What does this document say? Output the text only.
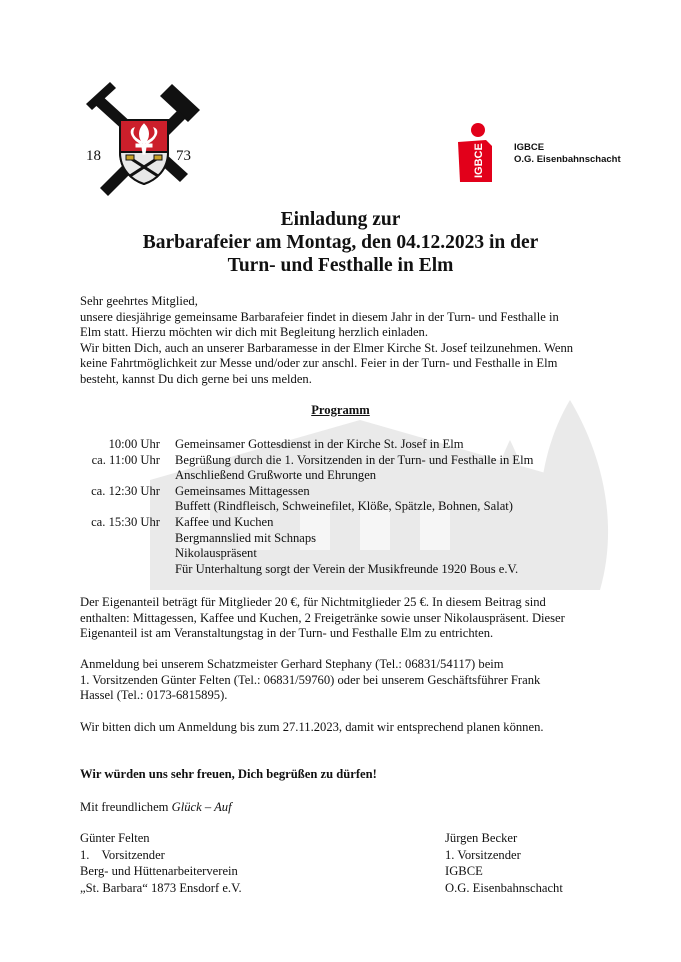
18	73	IGBCE	IGBCE
O.G. Eisenbahnschacht
Einladung zur
Barbarafeier am Montag, den 04.12.2023 in der
Turn- und Festhalle in Elm
Sehr geehrtes Mitglied,
unsere diesjährige gemeinsame Barbarafeier findet in diesem Jahr in der Turn- und Festhalle in
Elm statt. Hierzu möchten wir dich mit Begleitung herzlich einladen.
Wir bitten Dich, auch an unserer Barbaramesse in der Elmer Kirche St. Josef teilzunehmen. Wenn
keine Fahrtmöglichkeit zur Messe und/oder zur anschl. Feier in der Turn- und Festhalle in Elm
besteht, kannst Du dich gerne bei uns melden.
Programm
10:00 Uhr	Gemeinsamer Gottesdienst in der Kirche St. Josef in Elm
ca. 11:00 Uhr	Begrüßung durch die 1. Vorsitzenden in der Turn- und Festhalle in Elm
Anschließend Grußworte und Ehrungen
ca. 12:30 Uhr	Gemeinsames Mittagessen
Buffett (Rindfleisch, Schweinefilet, Klöße, Spätzle, Bohnen, Salat)
ca. 15:30 Uhr	Kaffee und Kuchen
Bergmannslied mit Schnaps
Nikolauspräsent
Für Unterhaltung sorgt der Verein der Musikfreunde 1920 Bous e.V.
Der Eigenanteil beträgt für Mitglieder 20 €, für Nichtmitglieder 25 €. In diesem Beitrag sind
enthalten: Mittagessen, Kaffee und Kuchen, 2 Freigetränke sowie unser Nikolauspräsent. Dieser
Eigenanteil ist am Veranstaltungstag in der Turn- und Festhalle Elm zu entrichten.
Anmeldung bei unserem Schatzmeister Gerhard Stephany (Tel.: 06831/54117) beim
1. Vorsitzenden Günter Felten (Tel.: 06831/59760) oder bei unserem Geschäftsführer Frank
Hassel (Tel.: 0173-6815895).
Wir bitten dich um Anmeldung bis zum 27.11.2023, damit wir entsprechend planen können.
Wir würden uns sehr freuen, Dich begrüßen zu dürfen!
Mit freundlichem Glück – Auf
Günter Felten
1. Vorsitzender
Berg- und Hüttenarbeiterverein
„St. Barbara“ 1873 Ensdorf e.V.
Jürgen Becker
1. Vorsitzender
IGBCE
O.G. Eisenbahnschacht
